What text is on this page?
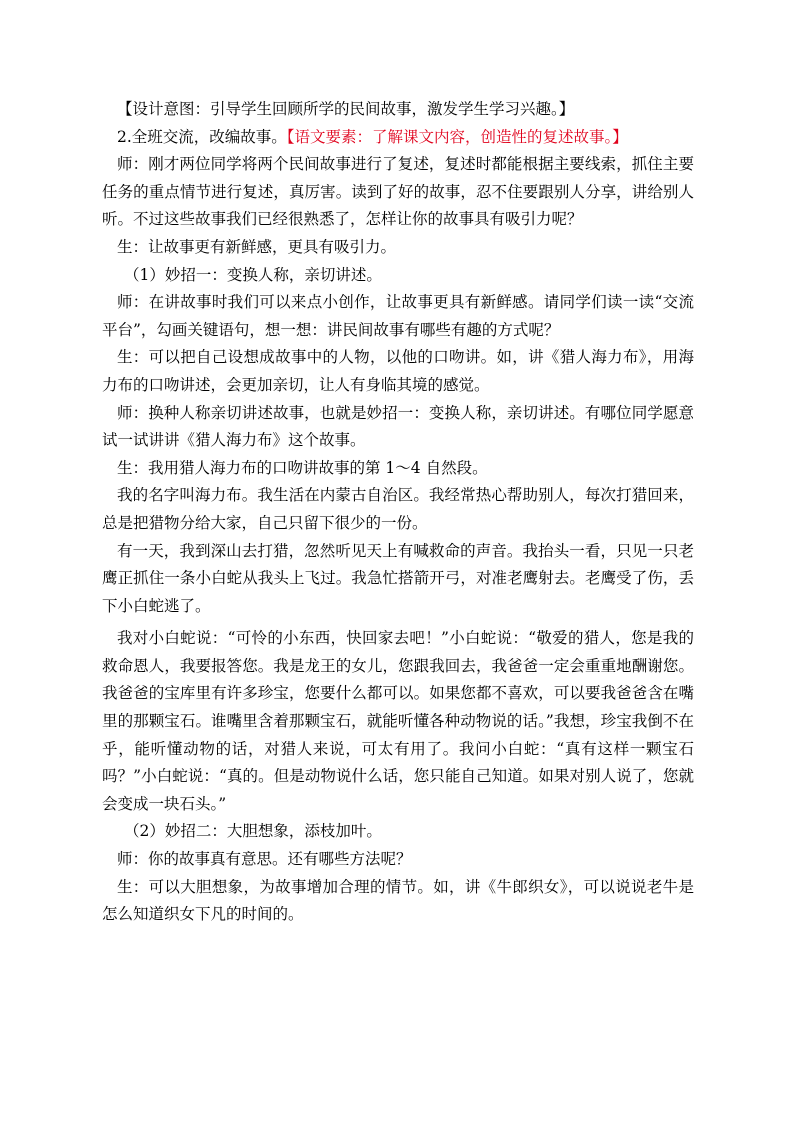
【设计意图：引导学生回顾所学的民间故事，激发学生学习兴趣。】

2.全班交流，改编故事。【语文要素：了解课文内容，创造性的复述故事。】

师：刚才两位同学将两个民间故事进行了复述，复述时都能根据主要线索，抓住主要任务的重点情节进行复述，真厉害。读到了好的故事，忍不住要跟别人分享，讲给别人听。不过这些故事我们已经很熟悉了，怎样让你的故事具有吸引力呢？

生：让故事更有新鲜感，更具有吸引力。

（1）妙招一：变换人称，亲切讲述。

师：在讲故事时我们可以来点小创作，让故事更具有新鲜感。请同学们读一读“交流平台”，勾画关键语句，想一想：讲民间故事有哪些有趣的方式呢？

生：可以把自己设想成故事中的人物，以他的口吻讲。如，讲《猎人海力布》，用海力布的口吻讲述，会更加亲切，让人有身临其境的感觉。

师：换种人称亲切讲述故事，也就是妙招一：变换人称，亲切讲述。有哪位同学愿意试一试讲讲《猎人海力布》这个故事。

生：我用猎人海力布的口吻讲故事的第 1～4 自然段。

我的名字叫海力布。我生活在内蒙古自治区。我经常热心帮助别人，每次打猎回来，总是把猎物分给大家，自己只留下很少的一份。

有一天，我到深山去打猎，忽然听见天上有喊救命的声音。我抬头一看，只见一只老鹰正抓住一条小白蛇从我头上飞过。我急忙搭箭开弓，对准老鹰射去。老鹰受了伤，丢下小白蛇逃了。

我对小白蛇说：“可怜的小东西，快回家去吧！”小白蛇说：“敬爱的猎人，您是我的救命恩人，我要报答您。我是龙王的女儿，您跟我回去，我爸爸一定会重重地酬谢您。我爸爸的宝库里有许多珍宝，您要什么都可以。如果您都不喜欢，可以要我爸爸含在嘴里的那颗宝石。谁嘴里含着那颗宝石，就能听懂各种动物说的话。”我想，珍宝我倒不在乎，能听懂动物的话，对猎人来说，可太有用了。我问小白蛇：“真有这样一颗宝石吗？”小白蛇说：“真的。但是动物说什么话，您只能自己知道。如果对别人说了，您就会变成一块石头。”

（2）妙招二：大胆想象，添枝加叶。

师：你的故事真有意思。还有哪些方法呢？

生：可以大胆想象，为故事增加合理的情节。如，讲《牛郎织女》，可以说说老牛是怎么知道织女下凡的时间的。
